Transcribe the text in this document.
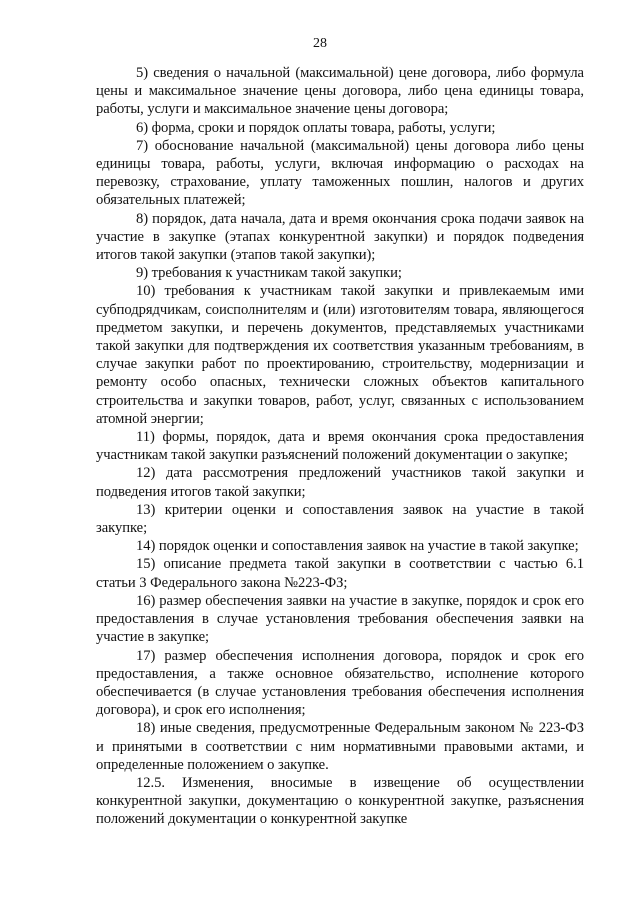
28

5) сведения о начальной (максимальной) цене договора, либо формула цены и максимальное значение цены договора, либо цена единицы товара, работы, услуги и максимальное значение цены договора;

6) форма, сроки и порядок оплаты товара, работы, услуги;

7) обоснование начальной (максимальной) цены договора либо цены единицы товара, работы, услуги, включая информацию о расходах на перевозку, страхование, уплату таможенных пошлин, налогов и других обязательных платежей;

8) порядок, дата начала, дата и время окончания срока подачи заявок на участие в закупке (этапах конкурентной закупки) и порядок подведения итогов такой закупки (этапов такой закупки);

9) требования к участникам такой закупки;

10) требования к участникам такой закупки и привлекаемым ими субподрядчикам, соисполнителям и (или) изготовителям товара, являющегося предметом закупки, и перечень документов, представляемых участниками такой закупки для подтверждения их соответствия указанным требованиям, в случае закупки работ по проектированию, строительству, модернизации и ремонту особо опасных, технически сложных объектов капитального строительства и закупки товаров, работ, услуг, связанных с использованием атомной энергии;

11) формы, порядок, дата и время окончания срока предоставления участникам такой закупки разъяснений положений документации о закупке;

12) дата рассмотрения предложений участников такой закупки и подведения итогов такой закупки;

13) критерии оценки и сопоставления заявок на участие в такой закупке;

14) порядок оценки и сопоставления заявок на участие в такой закупке;

15) описание предмета такой закупки в соответствии с частью 6.1 статьи 3 Федерального закона №223-ФЗ;

16) размер обеспечения заявки на участие в закупке, порядок и срок его предоставления в случае установления требования обеспечения заявки на участие в закупке;

17) размер обеспечения исполнения договора, порядок и срок его предоставления, а также основное обязательство, исполнение которого обеспечивается (в случае установления требования обеспечения исполнения договора), и срок его исполнения;

18) иные сведения, предусмотренные Федеральным законом № 223-ФЗ и принятыми в соответствии с ним нормативными правовыми актами, и определенные положением о закупке.

12.5. Изменения, вносимые в извещение об осуществлении конкурентной закупки, документацию о конкурентной закупке, разъяснения положений документации о конкурентной закупке
